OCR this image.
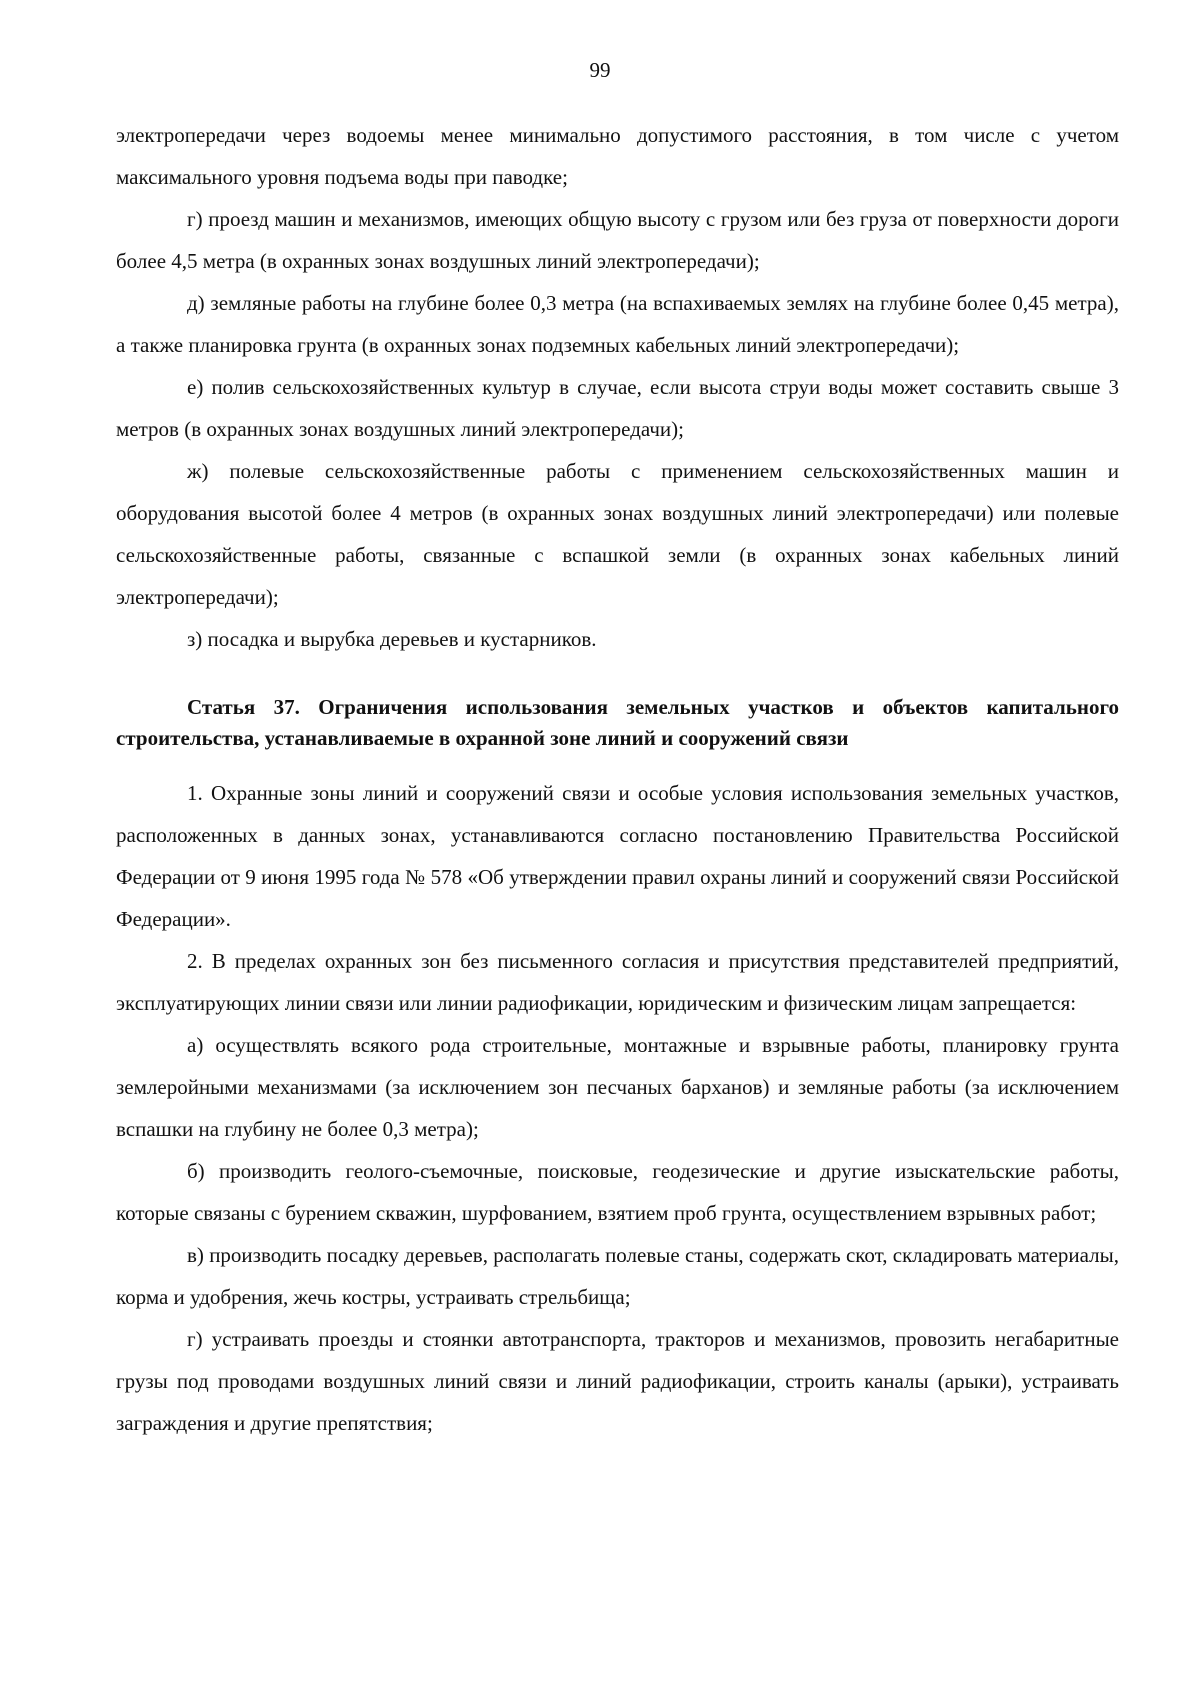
99

электропередачи через водоемы менее минимально допустимого расстояния, в том числе с учетом максимального уровня подъема воды при паводке;

г) проезд машин и механизмов, имеющих общую высоту с грузом или без груза от поверхности дороги более 4,5 метра (в охранных зонах воздушных линий электропередачи);

д) земляные работы на глубине более 0,3 метра (на вспахиваемых землях на глубине более 0,45 метра), а также планировка грунта (в охранных зонах подземных кабельных линий электропередачи);

е) полив сельскохозяйственных культур в случае, если высота струи воды может составить свыше 3 метров (в охранных зонах воздушных линий электропередачи);

ж) полевые сельскохозяйственные работы с применением сельскохозяйственных машин и оборудования высотой более 4 метров (в охранных зонах воздушных линий электропередачи) или полевые сельскохозяйственные работы, связанные с вспашкой земли (в охранных зонах кабельных линий электропередачи);

з) посадка и вырубка деревьев и кустарников.

Статья 37. Ограничения использования земельных участков и объектов капитального строительства, устанавливаемые в охранной зоне линий и сооружений связи

1. Охранные зоны линий и сооружений связи и особые условия использования земельных участков, расположенных в данных зонах, устанавливаются согласно постановлению Правительства Российской Федерации от 9 июня 1995 года № 578 «Об утверждении правил охраны линий и сооружений связи Российской Федерации».

2. В пределах охранных зон без письменного согласия и присутствия представителей предприятий, эксплуатирующих линии связи или линии радиофикации, юридическим и физическим лицам запрещается:

а) осуществлять всякого рода строительные, монтажные и взрывные работы, планировку грунта землеройными механизмами (за исключением зон песчаных барханов) и земляные работы (за исключением вспашки на глубину не более 0,3 метра);

б) производить геолого-съемочные, поисковые, геодезические и другие изыскательские работы, которые связаны с бурением скважин, шурфованием, взятием проб грунта, осуществлением взрывных работ;

в) производить посадку деревьев, располагать полевые станы, содержать скот, складировать материалы, корма и удобрения, жечь костры, устраивать стрельбища;

г) устраивать проезды и стоянки автотранспорта, тракторов и механизмов, провозить негабаритные грузы под проводами воздушных линий связи и линий радиофикации, строить каналы (арыки), устраивать заграждения и другие препятствия;
